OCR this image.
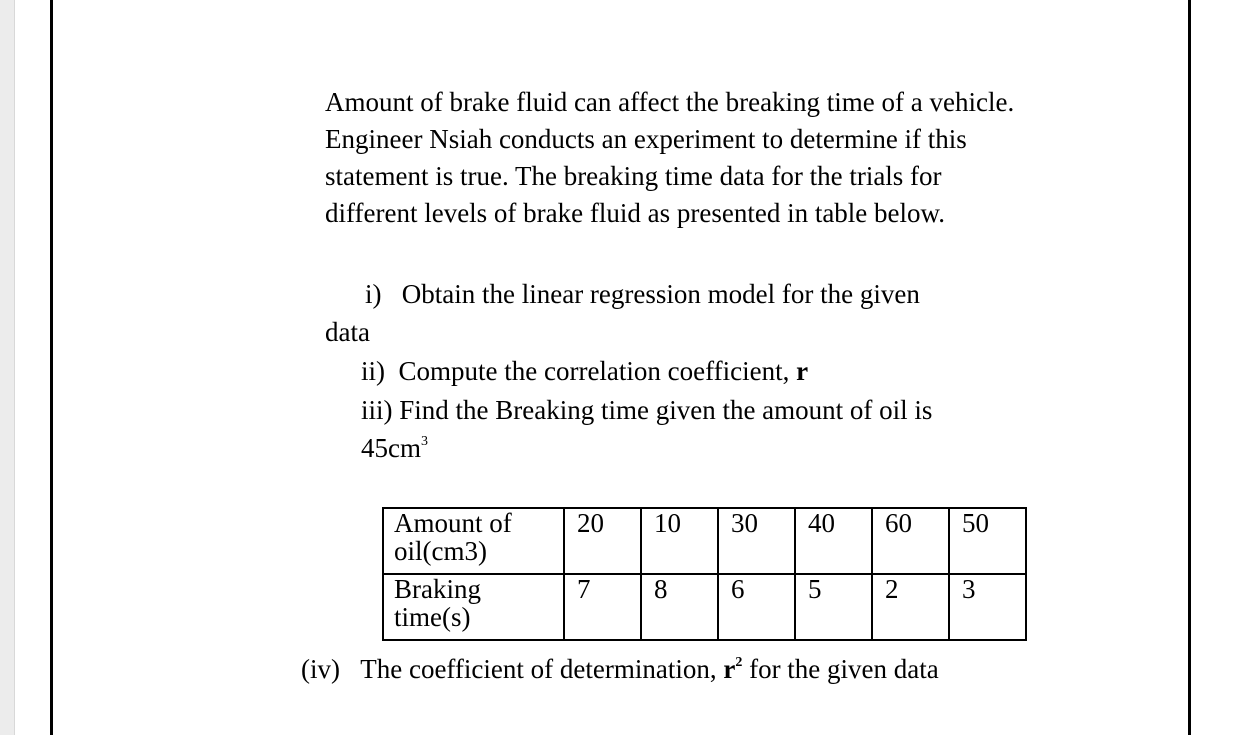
Amount of brake fluid can affect the breaking time of a vehicle. Engineer Nsiah conducts an experiment to determine if this statement is true. The breaking time data for the trials for different levels of brake fluid as presented in table below.

i) Obtain the linear regression model for the given

data

ii) Compute the correlation coefficient, r

iii) Find the Breaking time given the amount of oil is

$45cm^3$

Amount of
oil(cm3)	20	10	30	40	60	50
Braking
time(s)	7	8	6	5	2	3

(iv) The coefficient of determination, $r^2$ for the given data
